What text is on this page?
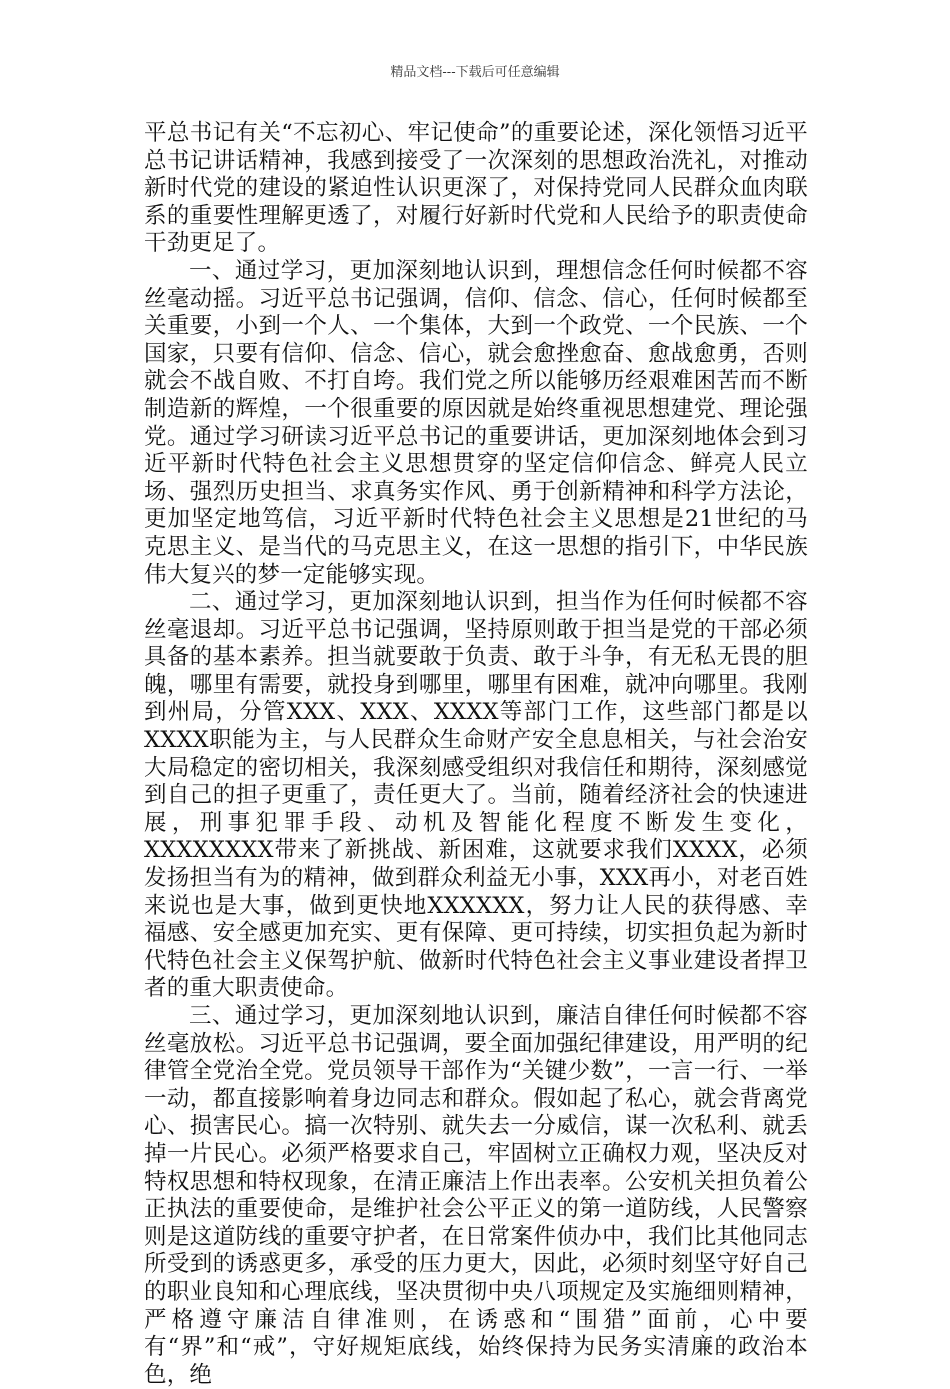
精品文档---下载后可任意编辑

平总书记有关“不忘初心、牢记使命”的重要论述，深化领悟习近平总书记讲话精神，我感到接受了一次深刻的思想政治洗礼，对推动新时代党的建设的紧迫性认识更深了，对保持党同人民群众血肉联系的重要性理解更透了，对履行好新时代党和人民给予的职责使命干劲更足了。

一、通过学习，更加深刻地认识到，理想信念任何时候都不容丝毫动摇。习近平总书记强调，信仰、信念、信心，任何时候都至关重要，小到一个人、一个集体，大到一个政党、一个民族、一个国家，只要有信仰、信念、信心，就会愈挫愈奋、愈战愈勇，否则就会不战自败、不打自垮。我们党之所以能够历经艰难困苦而不断制造新的辉煌，一个很重要的原因就是始终重视思想建党、理论强党。通过学习研读习近平总书记的重要讲话，更加深刻地体会到习近平新时代特色社会主义思想贯穿的坚定信仰信念、鲜亮人民立场、强烈历史担当、求真务实作风、勇于创新精神和科学方法论，更加坚定地笃信，习近平新时代特色社会主义思想是21世纪的马克思主义、是当代的马克思主义，在这一思想的指引下，中华民族伟大复兴的梦一定能够实现。

二、通过学习，更加深刻地认识到，担当作为任何时候都不容丝毫退却。习近平总书记强调，坚持原则敢于担当是党的干部必须具备的基本素养。担当就要敢于负责、敢于斗争，有无私无畏的胆魄，哪里有需要，就投身到哪里，哪里有困难，就冲向哪里。我刚到州局，分管XXX、XXX、XXXX等部门工作，这些部门都是以XXXX职能为主，与人民群众生命财产安全息息相关，与社会治安大局稳定的密切相关，我深刻感受组织对我信任和期待，深刻感觉到自己的担子更重了，责任更大了。当前，随着经济社会的快速进展，刑事犯罪手段、动机及智能化程度不断发生变化，XXXXXXXX带来了新挑战、新困难，这就要求我们XXXX，必须发扬担当有为的精神，做到群众利益无小事，XXX再小，对老百姓来说也是大事，做到更快地XXXXXX，努力让人民的获得感、幸福感、安全感更加充实、更有保障、更可持续，切实担负起为新时代特色社会主义保驾护航、做新时代特色社会主义事业建设者捍卫者的重大职责使命。

三、通过学习，更加深刻地认识到，廉洁自律任何时候都不容丝毫放松。习近平总书记强调，要全面加强纪律建设，用严明的纪律管全党治全党。党员领导干部作为“关键少数”，一言一行、一举一动，都直接影响着身边同志和群众。假如起了私心，就会背离党心、损害民心。搞一次特别、就失去一分威信，谋一次私利、就丢掉一片民心。必须严格要求自己，牢固树立正确权力观，坚决反对特权思想和特权现象，在清正廉洁上作出表率。公安机关担负着公正执法的重要使命，是维护社会公平正义的第一道防线，人民警察则是这道防线的重要守护者，在日常案件侦办中，我们比其他同志所受到的诱惑更多，承受的压力更大，因此，必须时刻坚守好自己的职业良知和心理底线，坚决贯彻中央八项规定及实施细则精神，严格遵守廉洁自律准则，在诱惑和“围猎”面前，心中要有“界”和“戒”，守好规矩底线，始终保持为民务实清廉的政治本色，绝
